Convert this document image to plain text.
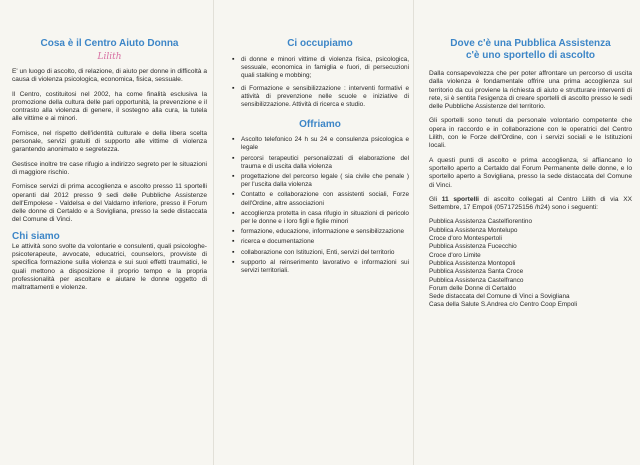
Cosa è il Centro Aiuto Donna
Lilith

E' un luogo di ascolto, di relazione, di aiuto per donne in difficoltà a causa di violenza psicologica, economica, fisica, sessuale.

Il Centro, costituitosi nel 2002, ha come finalità esclusiva la promozione della cultura delle pari opportunità, la prevenzione e il contrasto alla violenza di genere, il sostegno alla cura, la tutela alle vittime e ai minori.

Fornisce, nel rispetto dell'identità culturale e della libera scelta personale, servizi gratuiti di supporto alle vittime di violenza garantendo anonimato e segretezza.

Gestisce inoltre tre case rifugio a indirizzo segreto per le situazioni di maggiore rischio.

Fornisce servizi di prima accoglienza e ascolto presso 11 sportelli operanti dal 2012 presso 9 sedi delle Pubbliche Assistenze dell'Empolese - Valdelsa e del Valdarno inferiore, presso il Forum delle donne di Certaldo e a Sovigliana, presso la sede distaccata del Comune di Vinci.

Chi siamo

Le attività sono svolte da volontarie e consulenti, quali psicologhe-psicoterapeute, avvocate, educatrici, counselors, provviste di specifica formazione sulla violenza e sui suoi effetti traumatici, le quali mettono a disposizione il proprio tempo e la propria professionalità per ascoltare e aiutare le donne oggetto di maltrattamenti e violenze.

Ci occupiamo
▪ di donne e minori vittime di violenza fisica, psicologica, sessuale, economica in famiglia e fuori, di persecuzioni quali stalking e mobbing;
▪ di Formazione e sensibilizzazione : interventi formativi e attività di prevenzione nelle scuole e iniziative di sensibilizzazione. Attività di ricerca e studio.
Offriamo
▪ Ascolto telefonico 24 h su 24 e consulenza psicologica e legale
▪ percorsi terapeutici personalizzati di elaborazione del trauma e di uscita dalla violenza
▪ progettazione del percorso legale ( sia civile che penale ) per l'uscita dalla violenza
▪ Contatto e collaborazione con assistenti sociali, Forze dell'Ordine, altre associazioni
▪ accoglienza protetta in casa rifugio in situazioni di pericolo per le donne e i loro figli e figlie minori
▪ formazione, educazione, informazione e sensibilizzazione
▪ ricerca e documentazione
▪ collaborazione con Istituzioni, Enti, servizi del territorio
▪ supporto al reinserimento lavorativo e informazioni sui servizi territoriali.
Dove c'è una Pubblica Assistenza
c'è uno sportello di ascolto

Dalla consapevolezza che per poter affrontare un percorso di uscita dalla violenza è fondamentale offrire una prima accoglienza sul territorio da cui proviene la richiesta di aiuto e strutturare interventi di rete, si è sentita l'esigenza di creare sportelli di ascolto presso le sedi delle Pubbliche Assistenze del territorio.

Gli sportelli sono tenuti da personale volontario competente che opera in raccordo e in collaborazione con le operatrici del Centro Lilith, con le Forze dell'Ordine, con i servizi sociali e le Istituzioni locali.

A questi punti di ascolto e prima accoglienza, si affiancano lo sportello aperto a Certaldo dal Forum Permanente delle donne, e lo sportello aperto a Sovigliana, presso la sede distaccata del Comune di Vinci.

Gli 11 sportelli di ascolto collegati al Centro Lilith di via XX Settembre, 17 Empoli (0571725156 /h24) sono i seguenti:

Pubblica Assistenza Castelfiorentino
Pubblica Assistenza Montelupo
Croce d'oro Montespertoli
Pubblica Assistenza Fucecchio
Croce d'oro Limite
Pubblica Assistenza Montopoli
Pubblica Assistenza Santa Croce
Pubblica Assistenza Castelfranco
Forum delle Donne di Certaldo
Sede distaccata del Comune di Vinci a Sovigliana
Casa della Salute S.Andrea c/o Centro Coop Empoli
